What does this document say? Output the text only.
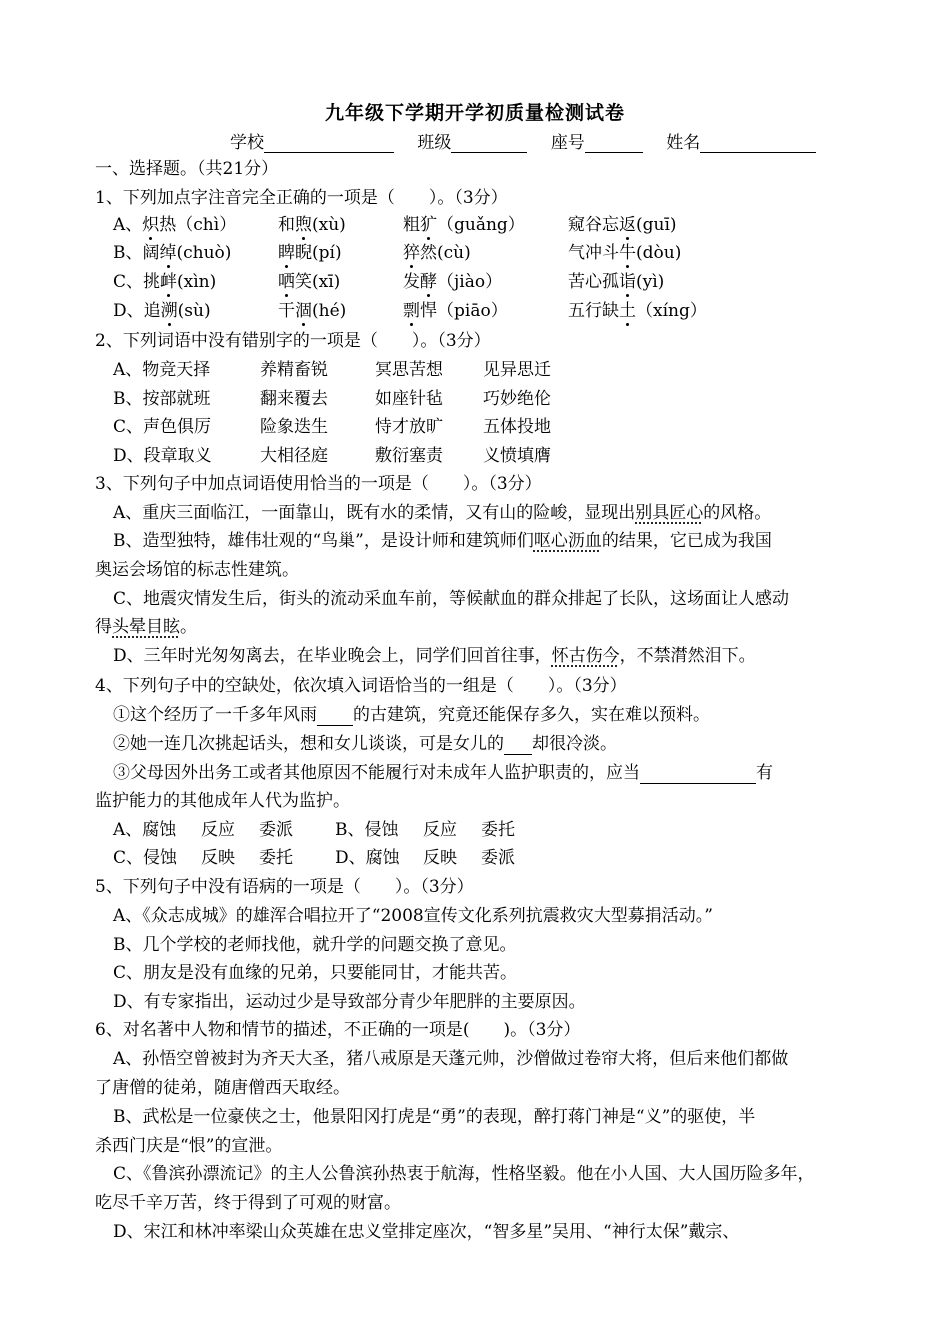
九年级下学期开学初质量检测试卷
学校	班级	座号	姓名
一、选择题。（共21分）
1、下列加点字注音完全正确的一项是（　　）。（3分）
A、炽热（chì） 和煦(xù)	粗犷（guǎng）	窥谷忘返(guī)
B、阔绰(chuò)	睥睨(pí)	猝然(cù)	气冲斗牛(dòu)
C、挑衅(xìn)	哂笑(xī)	发酵（jiào）	苦心孤诣(yì)
D、追溯(sù)	干涸(hé)	剽悍（piāo）	五行缺土（xíng）
2、下列词语中没有错别字的一项是（　　）。（3分）
A、物竞天择	养精畜锐	冥思苦想 见异思迁
B、按部就班	翻来覆去	如座针毡 巧妙绝伦
C、声色俱厉	险象迭生	恃才放旷 五体投地
D、段章取义	大相径庭	敷衍塞责 义愤填膺
3、下列句子中加点词语使用恰当的一项是（　　）。（3分）
A、重庆三面临江，一面靠山，既有水的柔情，又有山的险峻，显现出别具匠心的风格。
B、造型独特，雄伟壮观的“鸟巢”，是设计师和建筑师们呕心沥血的结果，它已成为我国
奥运会场馆的标志性建筑。
C、地震灾情发生后，街头的流动采血车前，等候献血的群众排起了长队，这场面让人感动
得头晕目眩。
D、三年时光匆匆离去，在毕业晚会上，同学们回首往事，怀古伤今，不禁潸然泪下。
4、下列句子中的空缺处，依次填入词语恰当的一组是（　　）。（3分）
①这个经历了一千多年风雨 的古建筑，究竟还能保存多久，实在难以预料。
②她一连几次挑起话头，想和女儿谈谈，可是女儿的 却很冷淡。
③父母因外出务工或者其他原因不能履行对未成年人监护职责的，应当	有
监护能力的其他成年人代为监护。
A、腐蚀 反应 委派 B、侵蚀 反应 委托
C、侵蚀 反映 委托 D、腐蚀 反映 委派
5、下列句子中没有语病的一项是（　　）。（3分）
A、《众志成城》的雄浑合唱拉开了“2008宣传文化系列抗震救灾大型募捐活动。”
B、几个学校的老师找他，就升学的问题交换了意见。
C、朋友是没有血缘的兄弟，只要能同甘，才能共苦。
D、有专家指出，运动过少是导致部分青少年肥胖的主要原因。
6、对名著中人物和情节的描述，不正确的一项是(　　)。（3分）
A、孙悟空曾被封为齐天大圣，猪八戒原是天蓬元帅，沙僧做过卷帘大将，但后来他们都做
了唐僧的徒弟，随唐僧西天取经。
B、武松是一位豪侠之士，他景阳冈打虎是“勇”的表现，醉打蒋门神是“义”的驱使，半
杀西门庆是“恨”的宣泄。
C、《鲁滨孙漂流记》的主人公鲁滨孙热衷于航海，性格坚毅。他在小人国、大人国历险多年，
吃尽千辛万苦，终于得到了可观的财富。
D、宋江和林冲率梁山众英雄在忠义堂排定座次，“智多星”吴用、“神行太保”戴宗、
